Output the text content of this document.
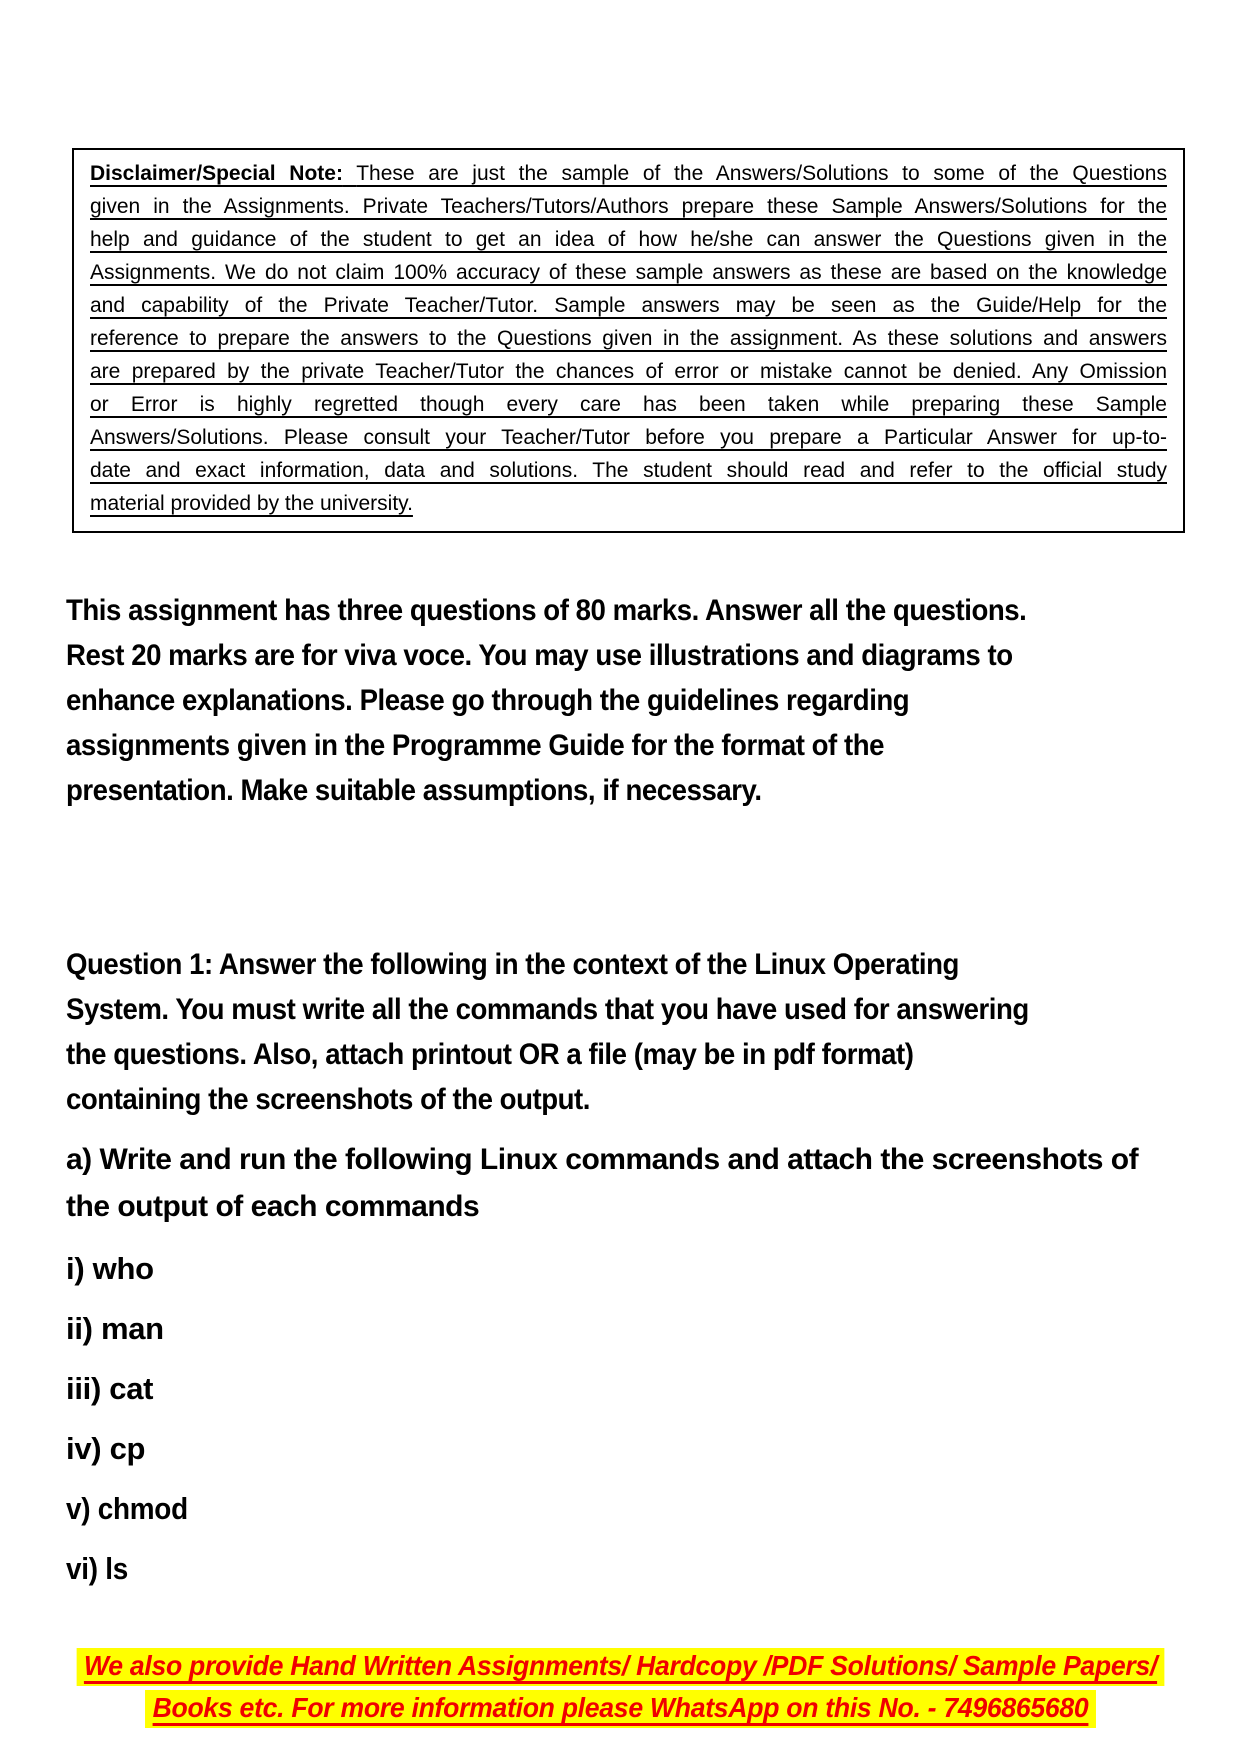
Disclaimer/Special Note: These are just the sample of the Answers/Solutions to some of the Questions
given in the Assignments. Private Teachers/Tutors/Authors prepare these Sample Answers/Solutions for the
help and guidance of the student to get an idea of how he/she can answer the Questions given in the
Assignments. We do not claim 100% accuracy of these sample answers as these are based on the knowledge
and capability of the Private Teacher/Tutor. Sample answers may be seen as the Guide/Help for the
reference to prepare the answers to the Questions given in the assignment. As these solutions and answers
are prepared by the private Teacher/Tutor the chances of error or mistake cannot be denied. Any Omission
or Error is highly regretted though every care has been taken while preparing these Sample
Answers/Solutions. Please consult your Teacher/Tutor before you prepare a Particular Answer for up-to-
date and exact information, data and solutions. The student should read and refer to the official study
material provided by the university.
This assignment has three questions of 80 marks. Answer all the questions.
Rest 20 marks are for viva voce. You may use illustrations and diagrams to
enhance explanations. Please go through the guidelines regarding
assignments given in the Programme Guide for the format of the
presentation. Make suitable assumptions, if necessary.
Question 1: Answer the following in the context of the Linux Operating
System. You must write all the commands that you have used for answering
the questions. Also, attach printout OR a file (may be in pdf format)
containing the screenshots of the output.
a) Write and run the following Linux commands and attach the screenshots of
the output of each commands
i) who
ii) man
iii) cat
iv) cp
v) chmod
vi) ls
We also provide Hand Written Assignments/ Hardcopy /PDF Solutions/ Sample Papers/
Books etc. For more information please WhatsApp on this No. - 7496865680
